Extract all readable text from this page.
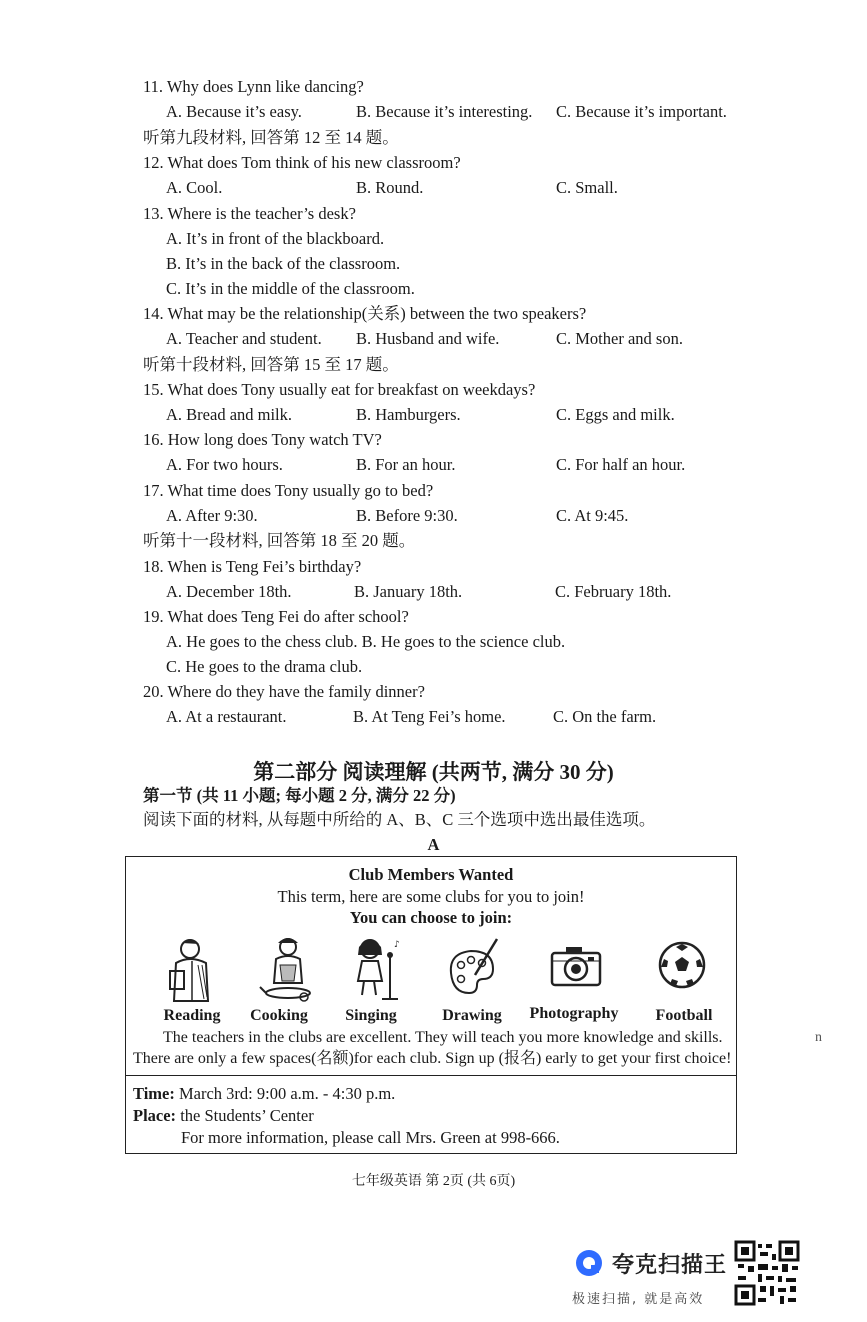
11. Why does Lynn like dancing?
A. Because it’s easy.	B. Because it’s interesting. C. Because it’s important.
听第九段材料, 回答第 12 至 14 题。
12. What does Tom think of his new classroom?
A. Cool.	B. Round.	C. Small.
13. Where is the teacher’s desk?
A. It’s in front of the blackboard.
B. It’s in the back of the classroom.
C. It’s in the middle of the classroom.
14. What may be the relationship(关系) between the two speakers?
A. Teacher and student. B. Husband and wife.	C. Mother and son.
听第十段材料, 回答第 15 至 17 题。
15. What does Tony usually eat for breakfast on weekdays?
A. Bread and milk.	B. Hamburgers.	C. Eggs and milk.
16. How long does Tony watch TV?
A. For two hours.	B. For an hour.	C. For half an hour.
17. What time does Tony usually go to bed?
A. After 9:30.	B. Before 9:30.	C. At 9:45.
听第十一段材料, 回答第 18 至 20 题。
18. When is Teng Fei’s birthday?
A. December 18th.	B. January 18th.	C. February 18th.
19. What does Teng Fei do after school?
A. He goes to the chess club. B. He goes to the science club.
C. He goes to the drama club.
20. Where do they have the family dinner?
A. At a restaurant.	B. At Teng Fei’s home.	C. On the farm.
第二部分 阅读理解 (共两节, 满分 30 分)
第一节 (共 11 小题; 每小题 2 分, 满分 22 分)
阅读下面的材料, 从每题中所给的 A、B、C 三个选项中选出最佳选项。
A
Club Members Wanted
This term, here are some clubs for you to join!
You can choose to join:
♪
Reading	Cooking	Singing	Drawing	Photography	Football
The teachers in the clubs are excellent. They will teach you more knowledge and skills.
There are only a few spaces(名额)for each club. Sign up (报名) early to get your first choice!
Time: March 3rd: 9:00 a.m. - 4:30 p.m.
Place: the Students’ Center
For more information, please call Mrs. Green at 998-666.
n
七年级英语 第 2页 (共 6页)
夸克扫描王
极速扫描, 就是高效
